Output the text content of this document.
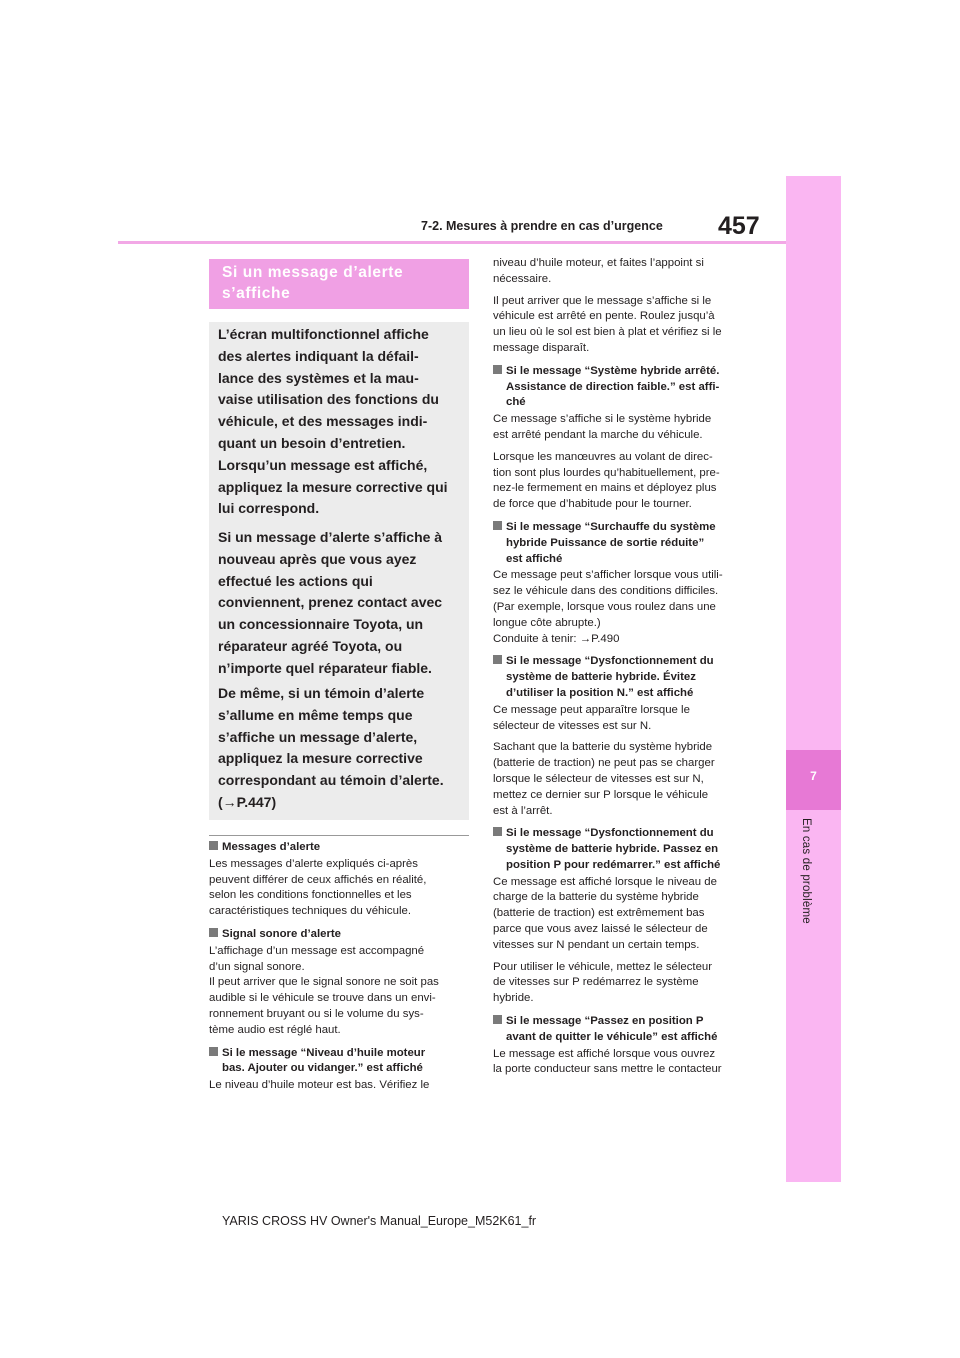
457
7-2. Mesures à prendre en cas d’urgence
7
En cas de problème
Si un message d’alerte
s’affiche
L’écran multifonctionnel affiche
des alertes indiquant la défail-
lance des systèmes et la mau-
vaise utilisation des fonctions du
véhicule, et des messages indi-
quant un besoin d’entretien.
Lorsqu’un message est affiché,
appliquez la mesure corrective qui
lui correspond.
Si un message d’alerte s’affiche à
nouveau après que vous ayez
effectué les actions qui
conviennent, prenez contact avec
un concessionnaire Toyota, un
réparateur agréé Toyota, ou
n’importe quel réparateur fiable.
De même, si un témoin d’alerte
s’allume en même temps que
s’affiche un message d’alerte,
appliquez la mesure corrective
correspondant au témoin d’alerte.
(→P.447)
Messages d’alerte
Les messages d’alerte expliqués ci-après
peuvent différer de ceux affichés en réalité,
selon les conditions fonctionnelles et les
caractéristiques techniques du véhicule.
Signal sonore d’alerte
L’affichage d’un message est accompagné
d’un signal sonore.
Il peut arriver que le signal sonore ne soit pas
audible si le véhicule se trouve dans un envi-
ronnement bruyant ou si le volume du sys-
tème audio est réglé haut.
Si le message “Niveau d’huile moteur
bas. Ajouter ou vidanger.” est affiché
Le niveau d’huile moteur est bas. Vérifiez le
niveau d’huile moteur, et faites l’appoint si
nécessaire.
Il peut arriver que le message s’affiche si le
véhicule est arrêté en pente. Roulez jusqu’à
un lieu où le sol est bien à plat et vérifiez si le
message disparaît.
Si le message “Système hybride arrêté.
Assistance de direction faible.” est affi-
ché
Ce message s’affiche si le système hybride
est arrêté pendant la marche du véhicule.
Lorsque les manœuvres au volant de direc-
tion sont plus lourdes qu’habituellement, pre-
nez-le fermement en mains et déployez plus
de force que d’habitude pour le tourner.
Si le message “Surchauffe du système
hybride Puissance de sortie réduite”
est affiché
Ce message peut s’afficher lorsque vous utili-
sez le véhicule dans des conditions difficiles.
(Par exemple, lorsque vous roulez dans une
longue côte abrupte.)
Conduite à tenir: →P.490
Si le message “Dysfonctionnement du
système de batterie hybride. Évitez
d’utiliser la position N.” est affiché
Ce message peut apparaître lorsque le
sélecteur de vitesses est sur N.
Sachant que la batterie du système hybride
(batterie de traction) ne peut pas se charger
lorsque le sélecteur de vitesses est sur N,
mettez ce dernier sur P lorsque le véhicule
est à l’arrêt.
Si le message “Dysfonctionnement du
système de batterie hybride. Passez en
position P pour redémarrer.” est affiché
Ce message est affiché lorsque le niveau de
charge de la batterie du système hybride
(batterie de traction) est extrêmement bas
parce que vous avez laissé le sélecteur de
vitesses sur N pendant un certain temps.
Pour utiliser le véhicule, mettez le sélecteur
de vitesses sur P redémarrez le système
hybride.
Si le message “Passez en position P
avant de quitter le véhicule” est affiché
Le message est affiché lorsque vous ouvrez
la porte conducteur sans mettre le contacteur
YARIS CROSS HV Owner's Manual_Europe_M52K61_fr
